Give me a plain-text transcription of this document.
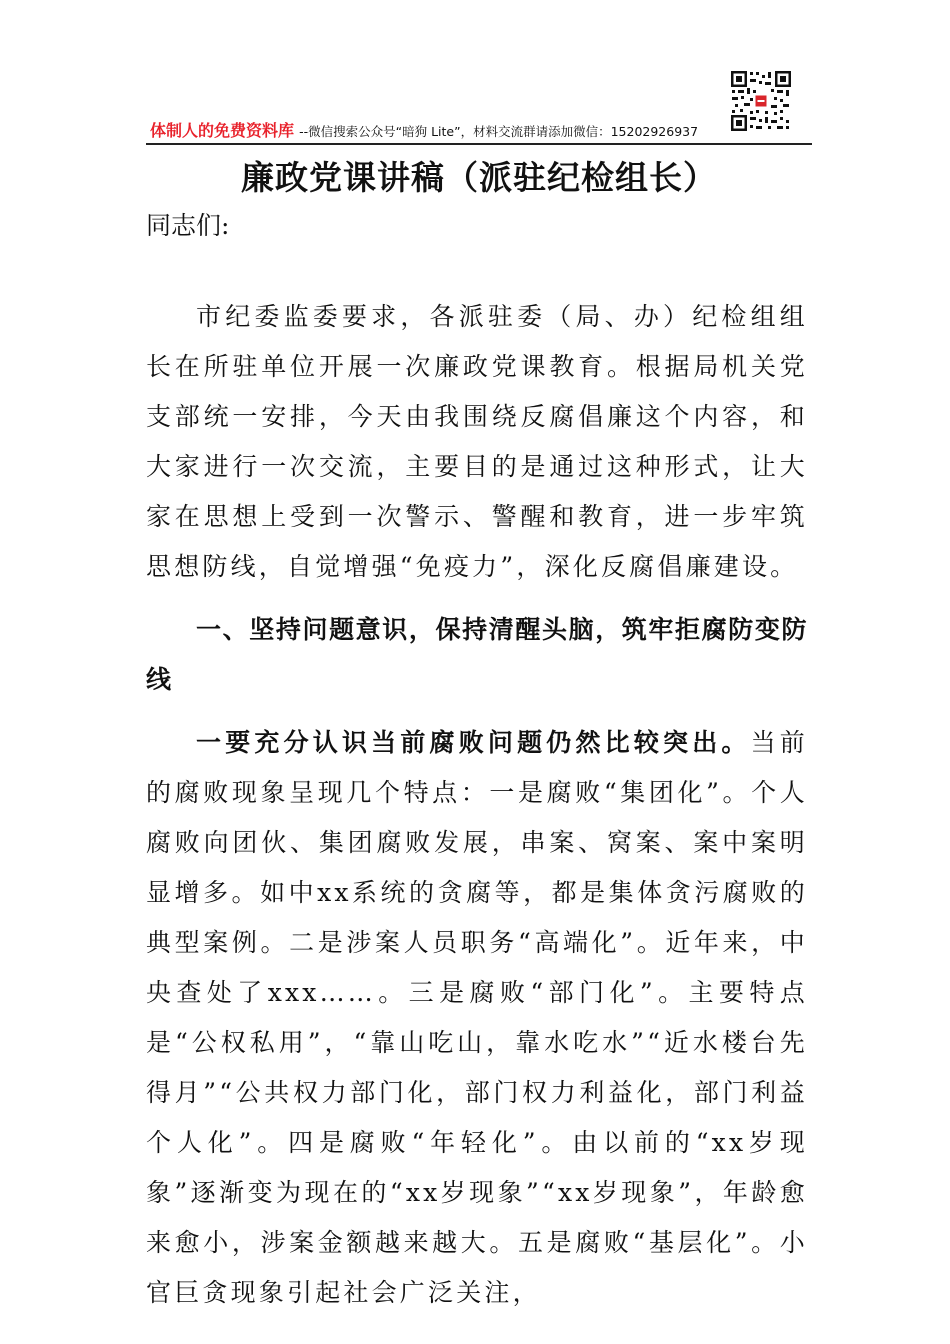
体制人的免费资料库 --微信搜索公众号“暗狗 Lite”，材料交流群请添加微信：15202926937
廉政党课讲稿（派驻纪检组长）

同志们:

市纪委监委要求，各派驻委（局、办）纪检组组长在所驻单位开展一次廉政党课教育。根据局机关党支部统一安排，今天由我围绕反腐倡廉这个内容，和大家进行一次交流，主要目的是通过这种形式，让大家在思想上受到一次警示、警醒和教育，进一步牢筑思想防线，自觉增强“免疫力”，深化反腐倡廉建设。

一、坚持问题意识，保持清醒头脑，筑牢拒腐防变防线

一要充分认识当前腐败问题仍然比较突出。当前的腐败现象呈现几个特点：一是腐败“集团化”。个人腐败向团伙、集团腐败发展，串案、窝案、案中案明显增多。如中xx系统的贪腐等，都是集体贪污腐败的典型案例。二是涉案人员职务“高端化”。近年来，中央查处了xxx……。三是腐败“部门化”。主要特点是“公权私用”，“靠山吃山，靠水吃水”“近水楼台先得月”“公共权力部门化，部门权力利益化，部门利益个人化”。四是腐败“年轻化”。由以前的“xx岁现象”逐渐变为现在的“xx岁现象”“xx岁现象”，年龄愈来愈小，涉案金额越来越大。五是腐败“基层化”。小官巨贪现象引起社会广泛关注，
